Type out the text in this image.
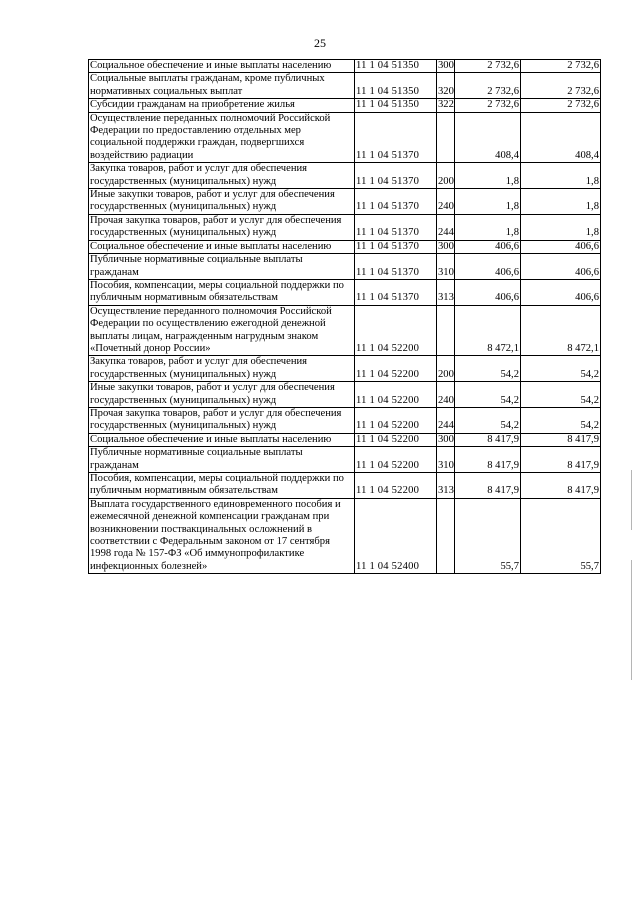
25
Социальное обеспечение и иные выплаты населению	11 1 04 51350	300	2 732,6	2 732,6
Социальные выплаты гражданам, кроме публичных нормативных социальных выплат	11 1 04 51350	320	2 732,6	2 732,6
Субсидии гражданам на приобретение жилья	11 1 04 51350	322	2 732,6	2 732,6
Осуществление переданных полномочий Российской Федерации по предоставлению отдельных мер социальной поддержки граждан, подвергшихся воздействию радиации	11 1 04 51370		408,4	408,4
Закупка товаров, работ и услуг для обеспечения государственных (муниципальных) нужд	11 1 04 51370	200	1,8	1,8
Иные закупки товаров, работ и услуг для обеспечения государственных (муниципальных) нужд	11 1 04 51370	240	1,8	1,8
Прочая закупка товаров, работ и услуг для обеспечения государственных (муниципальных) нужд	11 1 04 51370	244	1,8	1,8
Социальное обеспечение и иные выплаты населению	11 1 04 51370	300	406,6	406,6
Публичные нормативные социальные выплаты гражданам	11 1 04 51370	310	406,6	406,6
Пособия, компенсации, меры социальной поддержки по публичным нормативным обязательствам	11 1 04 51370	313	406,6	406,6
Осуществление переданного полномочия Российской Федерации по осуществлению ежегодной денежной выплаты лицам, награжденным нагрудным знаком «Почетный донор России»	11 1 04 52200		8 472,1	8 472,1
Закупка товаров, работ и услуг для обеспечения государственных (муниципальных) нужд	11 1 04 52200	200	54,2	54,2
Иные закупки товаров, работ и услуг для обеспечения государственных (муниципальных) нужд	11 1 04 52200	240	54,2	54,2
Прочая закупка товаров, работ и услуг для обеспечения государственных (муниципальных) нужд	11 1 04 52200	244	54,2	54,2
Социальное обеспечение и иные выплаты населению	11 1 04 52200	300	8 417,9	8 417,9
Публичные нормативные социальные выплаты гражданам	11 1 04 52200	310	8 417,9	8 417,9
Пособия, компенсации, меры социальной поддержки по публичным нормативным обязательствам	11 1 04 52200	313	8 417,9	8 417,9
Выплата государственного единовременного пособия и ежемесячной денежной компенсации гражданам при возникновении поствакцинальных осложнений в соответствии с Федеральным законом от 17 сентября 1998 года № 157-ФЗ «Об иммунопрофилактике инфекционных болезней»	11 1 04 52400		55,7	55,7
